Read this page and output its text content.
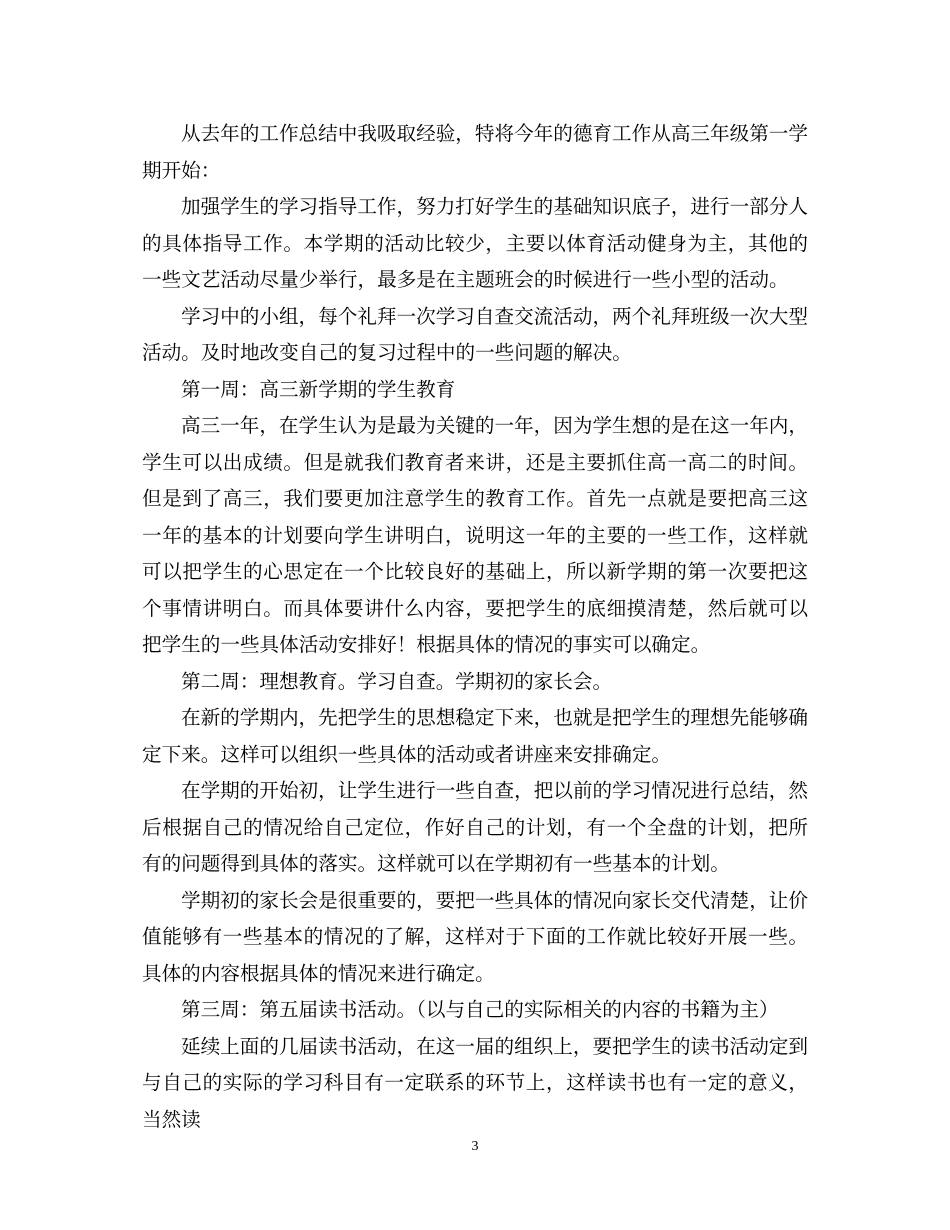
从去年的工作总结中我吸取经验，特将今年的德育工作从高三年级第一学期开始：

加强学生的学习指导工作，努力打好学生的基础知识底子，进行一部分人的具体指导工作。本学期的活动比较少，主要以体育活动健身为主，其他的一些文艺活动尽量少举行，最多是在主题班会的时候进行一些小型的活动。

学习中的小组，每个礼拜一次学习自查交流活动，两个礼拜班级一次大型活动。及时地改变自己的复习过程中的一些问题的解决。

第一周：高三新学期的学生教育

高三一年，在学生认为是最为关键的一年，因为学生想的是在这一年内，学生可以出成绩。但是就我们教育者来讲，还是主要抓住高一高二的时间。但是到了高三，我们要更加注意学生的教育工作。首先一点就是要把高三这一年的基本的计划要向学生讲明白，说明这一年的主要的一些工作，这样就可以把学生的心思定在一个比较良好的基础上，所以新学期的第一次要把这个事情讲明白。而具体要讲什么内容，要把学生的底细摸清楚，然后就可以把学生的一些具体活动安排好！根据具体的情况的事实可以确定。

第二周：理想教育。学习自查。学期初的家长会。

在新的学期内，先把学生的思想稳定下来，也就是把学生的理想先能够确定下来。这样可以组织一些具体的活动或者讲座来安排确定。

在学期的开始初，让学生进行一些自查，把以前的学习情况进行总结，然后根据自己的情况给自己定位，作好自己的计划，有一个全盘的计划，把所有的问题得到具体的落实。这样就可以在学期初有一些基本的计划。

学期初的家长会是很重要的，要把一些具体的情况向家长交代清楚，让价值能够有一些基本的情况的了解，这样对于下面的工作就比较好开展一些。具体的内容根据具体的情况来进行确定。

第三周：第五届读书活动。（以与自己的实际相关的内容的书籍为主）

延续上面的几届读书活动，在这一届的组织上，要把学生的读书活动定到与自己的实际的学习科目有一定联系的环节上，这样读书也有一定的意义，当然读

3
